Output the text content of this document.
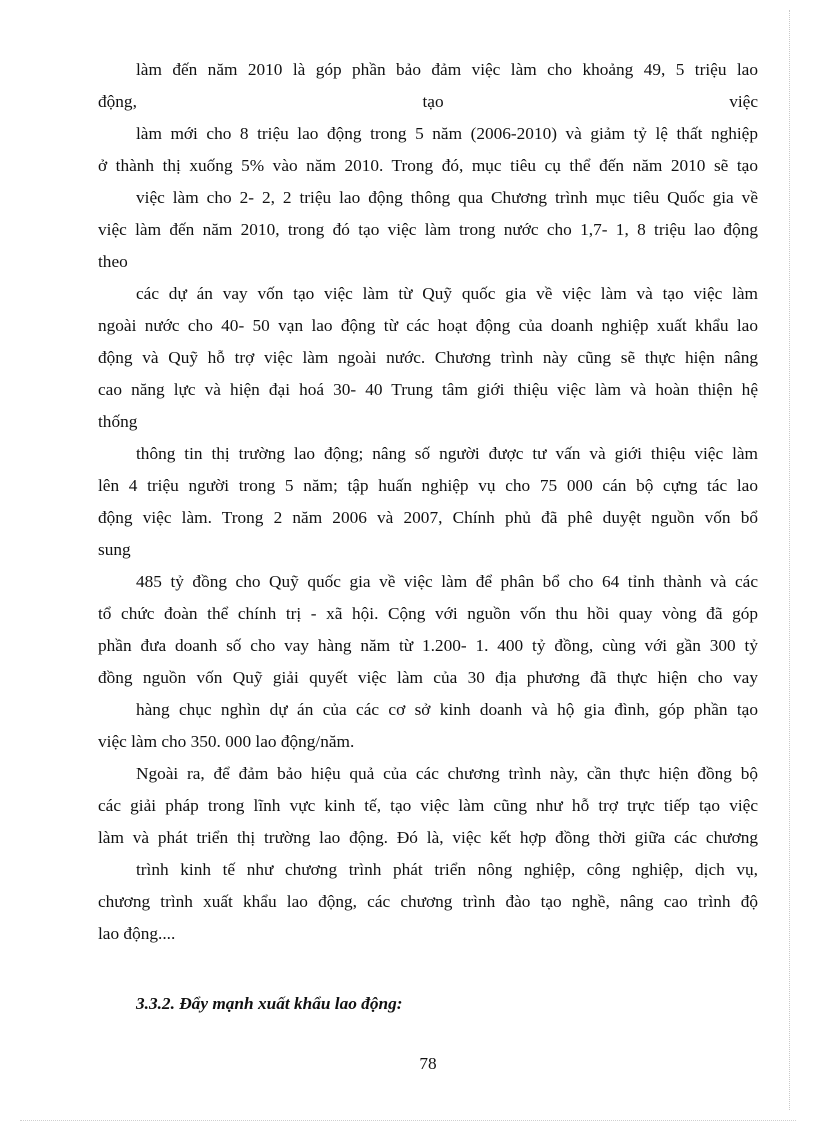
làm đến năm 2010 là góp phần bảo đảm việc làm cho khoảng 49, 5 triệu lao
động, tạo việc
làm mới cho 8 triệu lao động trong 5 năm (2006-2010) và giảm tỷ lệ thất nghiệp
ở thành thị xuống 5% vào năm 2010. Trong đó, mục tiêu cụ thể đến năm 2010 sẽ tạo
việc làm cho 2- 2, 2 triệu lao động thông qua Chương trình mục tiêu Quốc gia về
việc làm đến năm 2010, trong đó tạo việc làm trong nước cho 1,7- 1, 8 triệu lao động
theo
các dự án vay vốn tạo việc làm từ Quỹ quốc gia về việc làm và tạo việc làm
ngoài nước cho 40- 50 vạn lao động từ các hoạt động của doanh nghiệp xuất khẩu lao
động và Quỹ hỗ trợ việc làm ngoài nước. Chương trình này cũng sẽ thực hiện nâng
cao năng lực và hiện đại hoá 30- 40 Trung tâm giới thiệu việc làm và hoàn thiện hệ
thống
thông tin thị trường lao động; nâng số người được tư vấn và giới thiệu việc làm
lên 4 triệu người trong 5 năm; tập huấn nghiệp vụ cho 75 000 cán bộ cựng tác lao
động việc làm. Trong 2 năm 2006 và 2007, Chính phủ đã phê duyệt nguồn vốn bổ
sung
485 tỷ đồng cho Quỹ quốc gia về việc làm để phân bổ cho 64 tỉnh thành và các
tổ chức đoàn thể chính trị - xã hội. Cộng với nguồn vốn thu hồi quay vòng đã góp
phần đưa doanh số cho vay hàng năm từ 1.200- 1. 400 tỷ đồng, cùng với gần 300 tỷ
đồng nguồn vốn Quỹ giải quyết việc làm của 30 địa phương đã thực hiện cho vay
hàng chục nghìn dự án của các cơ sở kinh doanh và hộ gia đình, góp phần tạo
việc làm cho 350. 000 lao động/năm.
Ngoài ra, để đảm bảo hiệu quả của các chương trình này, cần thực hiện đồng bộ
các giải pháp trong lĩnh vực kinh tế, tạo việc làm cũng như hỗ trợ trực tiếp tạo việc
làm và phát triển thị trường lao động. Đó là, việc kết hợp đồng thời giữa các chương
trình kinh tế như chương trình phát triển nông nghiệp, công nghiệp, dịch vụ,
chương trình xuất khẩu lao động, các chương trình đào tạo nghề, nâng cao trình độ
lao động....
3.3.2. Đẩy mạnh xuất khẩu lao động:
78
